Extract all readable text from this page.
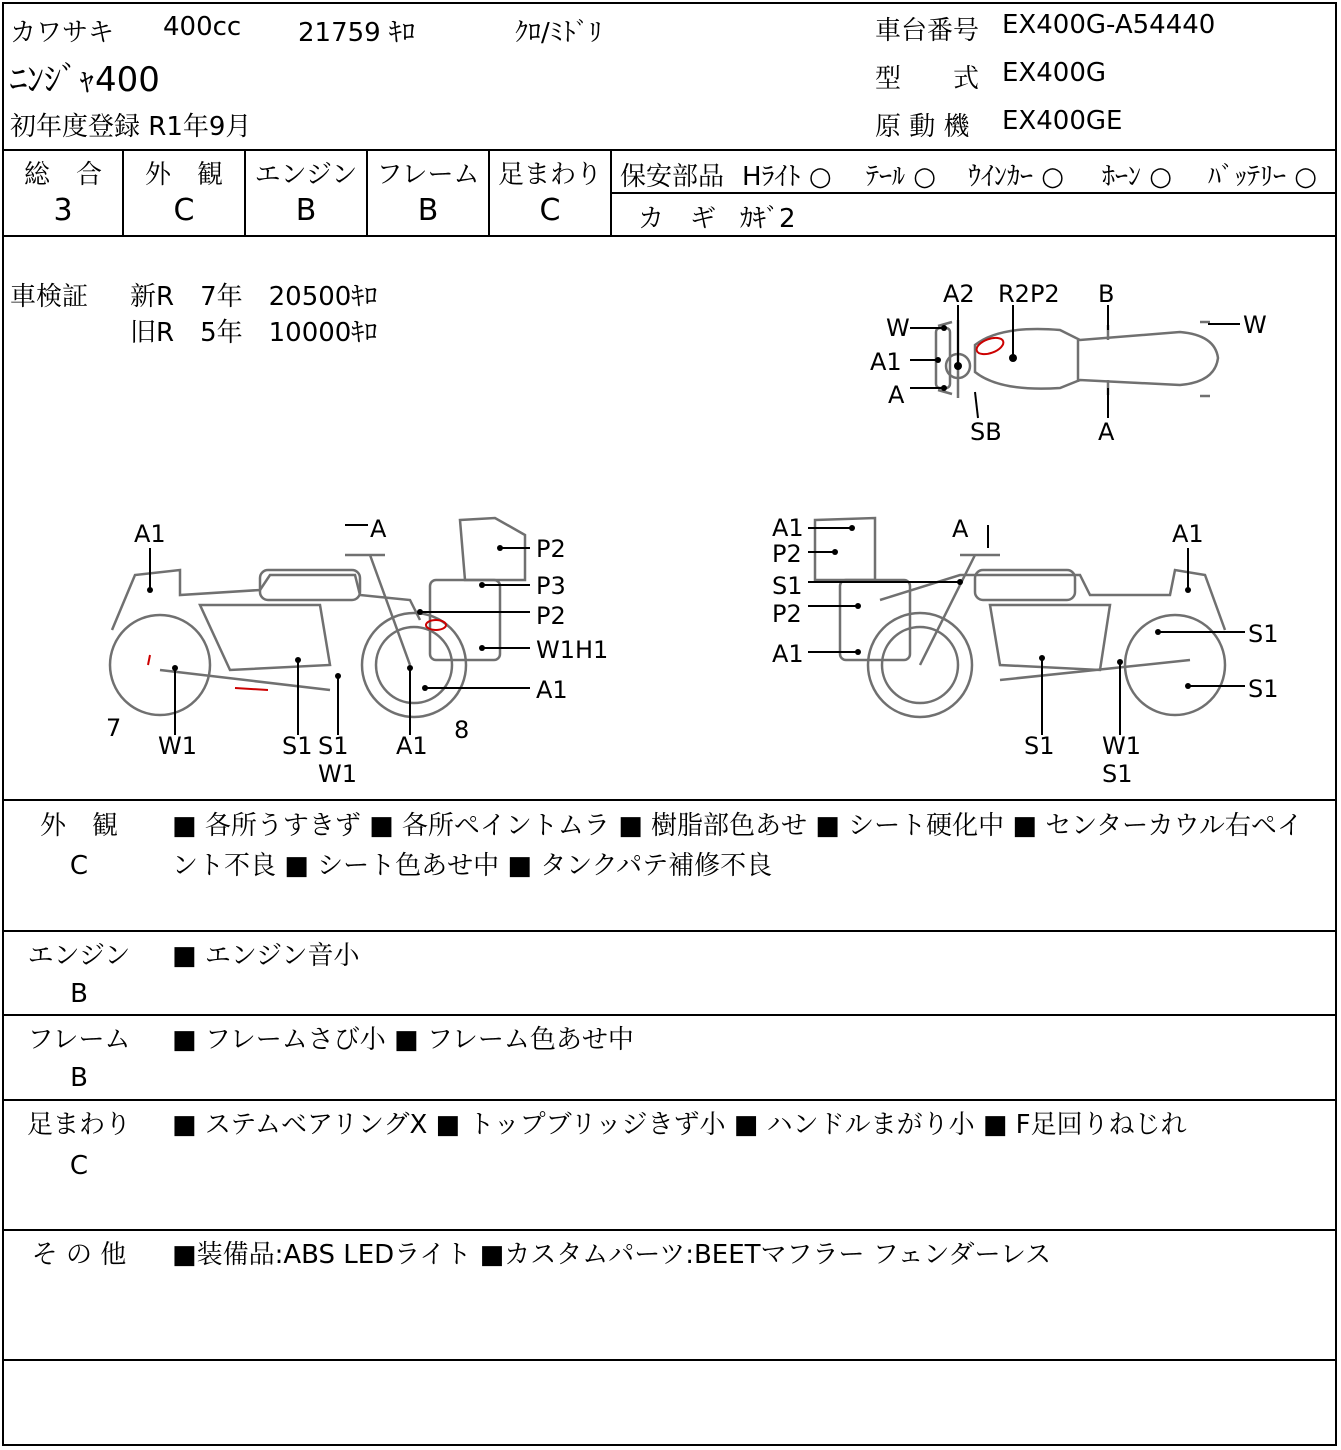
カワサキ 400cc 21759 ｷﾛ	ｸﾛ/ﾐﾄﾞﾘ
ﾆﾝｼﾞｬ400
初年度登録 R1年9月
車台番号 EX400G-A54440
型　　式 EX400G
原 動 機 EX400GE
総　合
3
外　観
C
エンジン
B
フレーム
B
足まわり
C
保安部品 Hﾗｲﾄ ○ ﾃｰﾙ ○ ｳｲﾝｶｰ ○ ﾎｰﾝ ○ ﾊﾞｯﾃﾘｰ ○
カ　ギ ｶｷﾞ2
車検証 新R　7年　20500ｷﾛ
旧R　5年　10000ｷﾛ
A2 R2P2 B
W	W
A1
A
SB	A
A1	A
P2
P3
P2
W1H1
A1
7
W1	S1 S1
W1
A1
8
A1
P2
S1
P2
A1
A	A1
S1
S1
S1 W1
S1
外　観
C
■ 各所うすきず ■ 各所ペイントムラ ■ 樹脂部色あせ ■ シート硬化中 ■ センターカウル右ペイント不良 ■ シート色あせ中 ■ タンクパテ補修不良
エンジン
B
■ エンジン音小
フレーム
B
■ フレームさび小 ■ フレーム色あせ中
足まわり
C
■ ステムベアリングX ■ トップブリッジきず小 ■ ハンドルまがり小 ■ F足回りねじれ
そ の 他	■装備品:ABS LEDライト ■カスタムパーツ:BEETマフラー フェンダーレス
